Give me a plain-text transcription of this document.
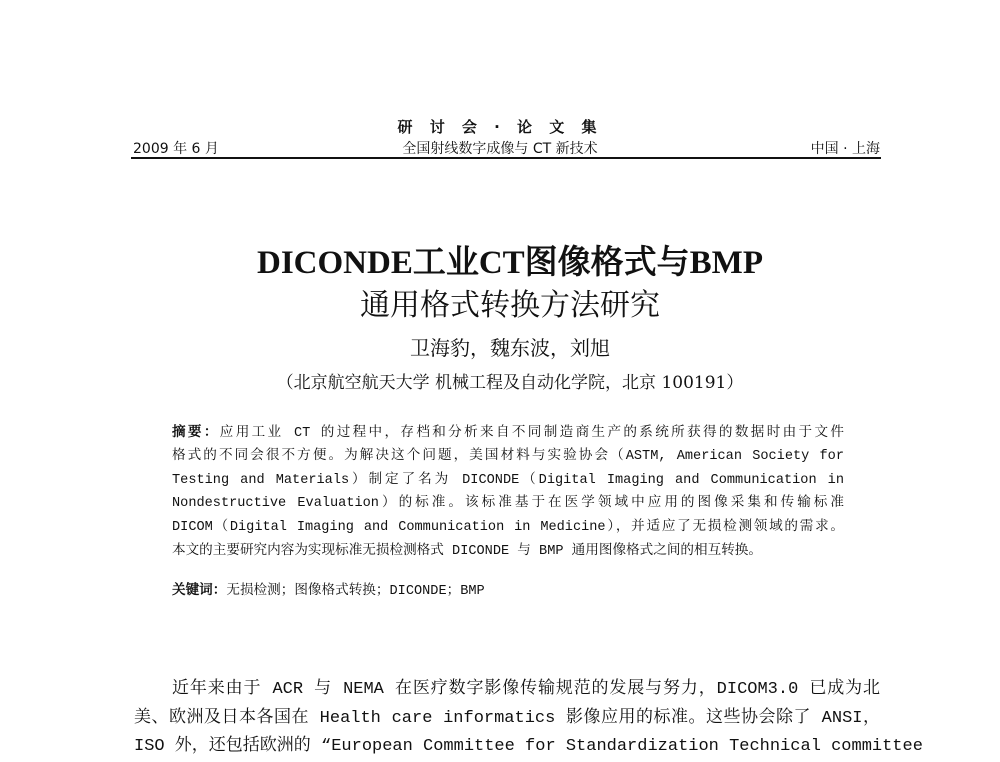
研 讨 会 · 论 文 集
2009 年 6 月	全国射线数字成像与 CT 新技术	中国 · 上海
DICONDE工业CT图像格式与BMP
通用格式转换方法研究
卫海豹，魏东波，刘旭
（北京航空航天大学 机械工程及自动化学院，北京 100191）
摘要：应用工业 CT 的过程中，存档和分析来自不同制造商生产的系统所获得的数据时由于文件
格式的不同会很不方便。为解决这个问题，美国材料与实验协会（ASTM, American Society for
Testing and Materials）制定了名为 DICONDE（Digital Imaging and Communication in
Nondestructive Evaluation）的标准。该标准基于在医学领域中应用的图像采集和传输标准
DICOM（Digital Imaging and Communication in Medicine），并适应了无损检测领域的需求。
本文的主要研究内容为实现标准无损检测格式 DICONDE 与 BMP 通用图像格式之间的相互转换。
关键词：无损检测；图像格式转换；DICONDE；BMP
近年来由于 ACR 与 NEMA 在医疗数字影像传输规范的发展与努力，DICOM3.0 已成为北
美、欧洲及日本各国在 Health care informatics 影像应用的标准。这些协会除了 ANSI，
ISO 外，还包括欧洲的 “European Committee for Standardization Technical committee
